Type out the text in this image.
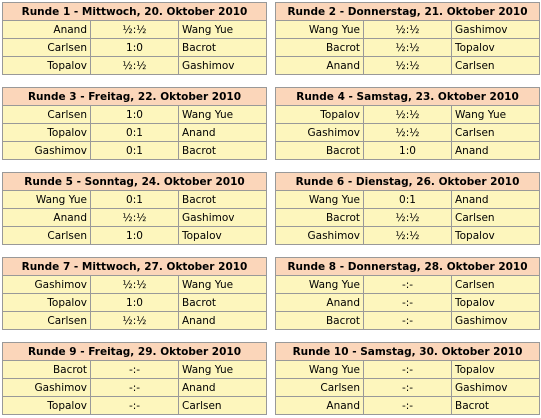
Runde 1 - Mittwoch, 20. Oktober 2010		
Anand	½:½	Wang Yue
Carlsen	1:0	Bacrot
Topalov	½:½	Gashimov
Runde 2 - Donnerstag, 21. Oktober 2010		
Wang Yue	½:½	Gashimov
Bacrot	½:½	Topalov
Anand	½:½	Carlsen
Runde 3 - Freitag, 22. Oktober 2010		
Carlsen	1:0	Wang Yue
Topalov	0:1	Anand
Gashimov	0:1	Bacrot
Runde 4 - Samstag, 23. Oktober 2010		
Topalov	½:½	Wang Yue
Gashimov	½:½	Carlsen
Bacrot	1:0	Anand
Runde 5 - Sonntag, 24. Oktober 2010		
Wang Yue	0:1	Bacrot
Anand	½:½	Gashimov
Carlsen	1:0	Topalov
Runde 6 - Dienstag, 26. Oktober 2010		
Wang Yue	0:1	Anand
Bacrot	½:½	Carlsen
Gashimov	½:½	Topalov
Runde 7 - Mittwoch, 27. Oktober 2010		
Gashimov	½:½	Wang Yue
Topalov	1:0	Bacrot
Carlsen	½:½	Anand
Runde 8 - Donnerstag, 28. Oktober 2010		
Wang Yue	-:-	Carlsen
Anand	-:-	Topalov
Bacrot	-:-	Gashimov
Runde 9 - Freitag, 29. Oktober 2010		
Bacrot	-:-	Wang Yue
Gashimov	-:-	Anand
Topalov	-:-	Carlsen
Runde 10 - Samstag, 30. Oktober 2010		
Wang Yue	-:-	Topalov
Carlsen	-:-	Gashimov
Anand	-:-	Bacrot
